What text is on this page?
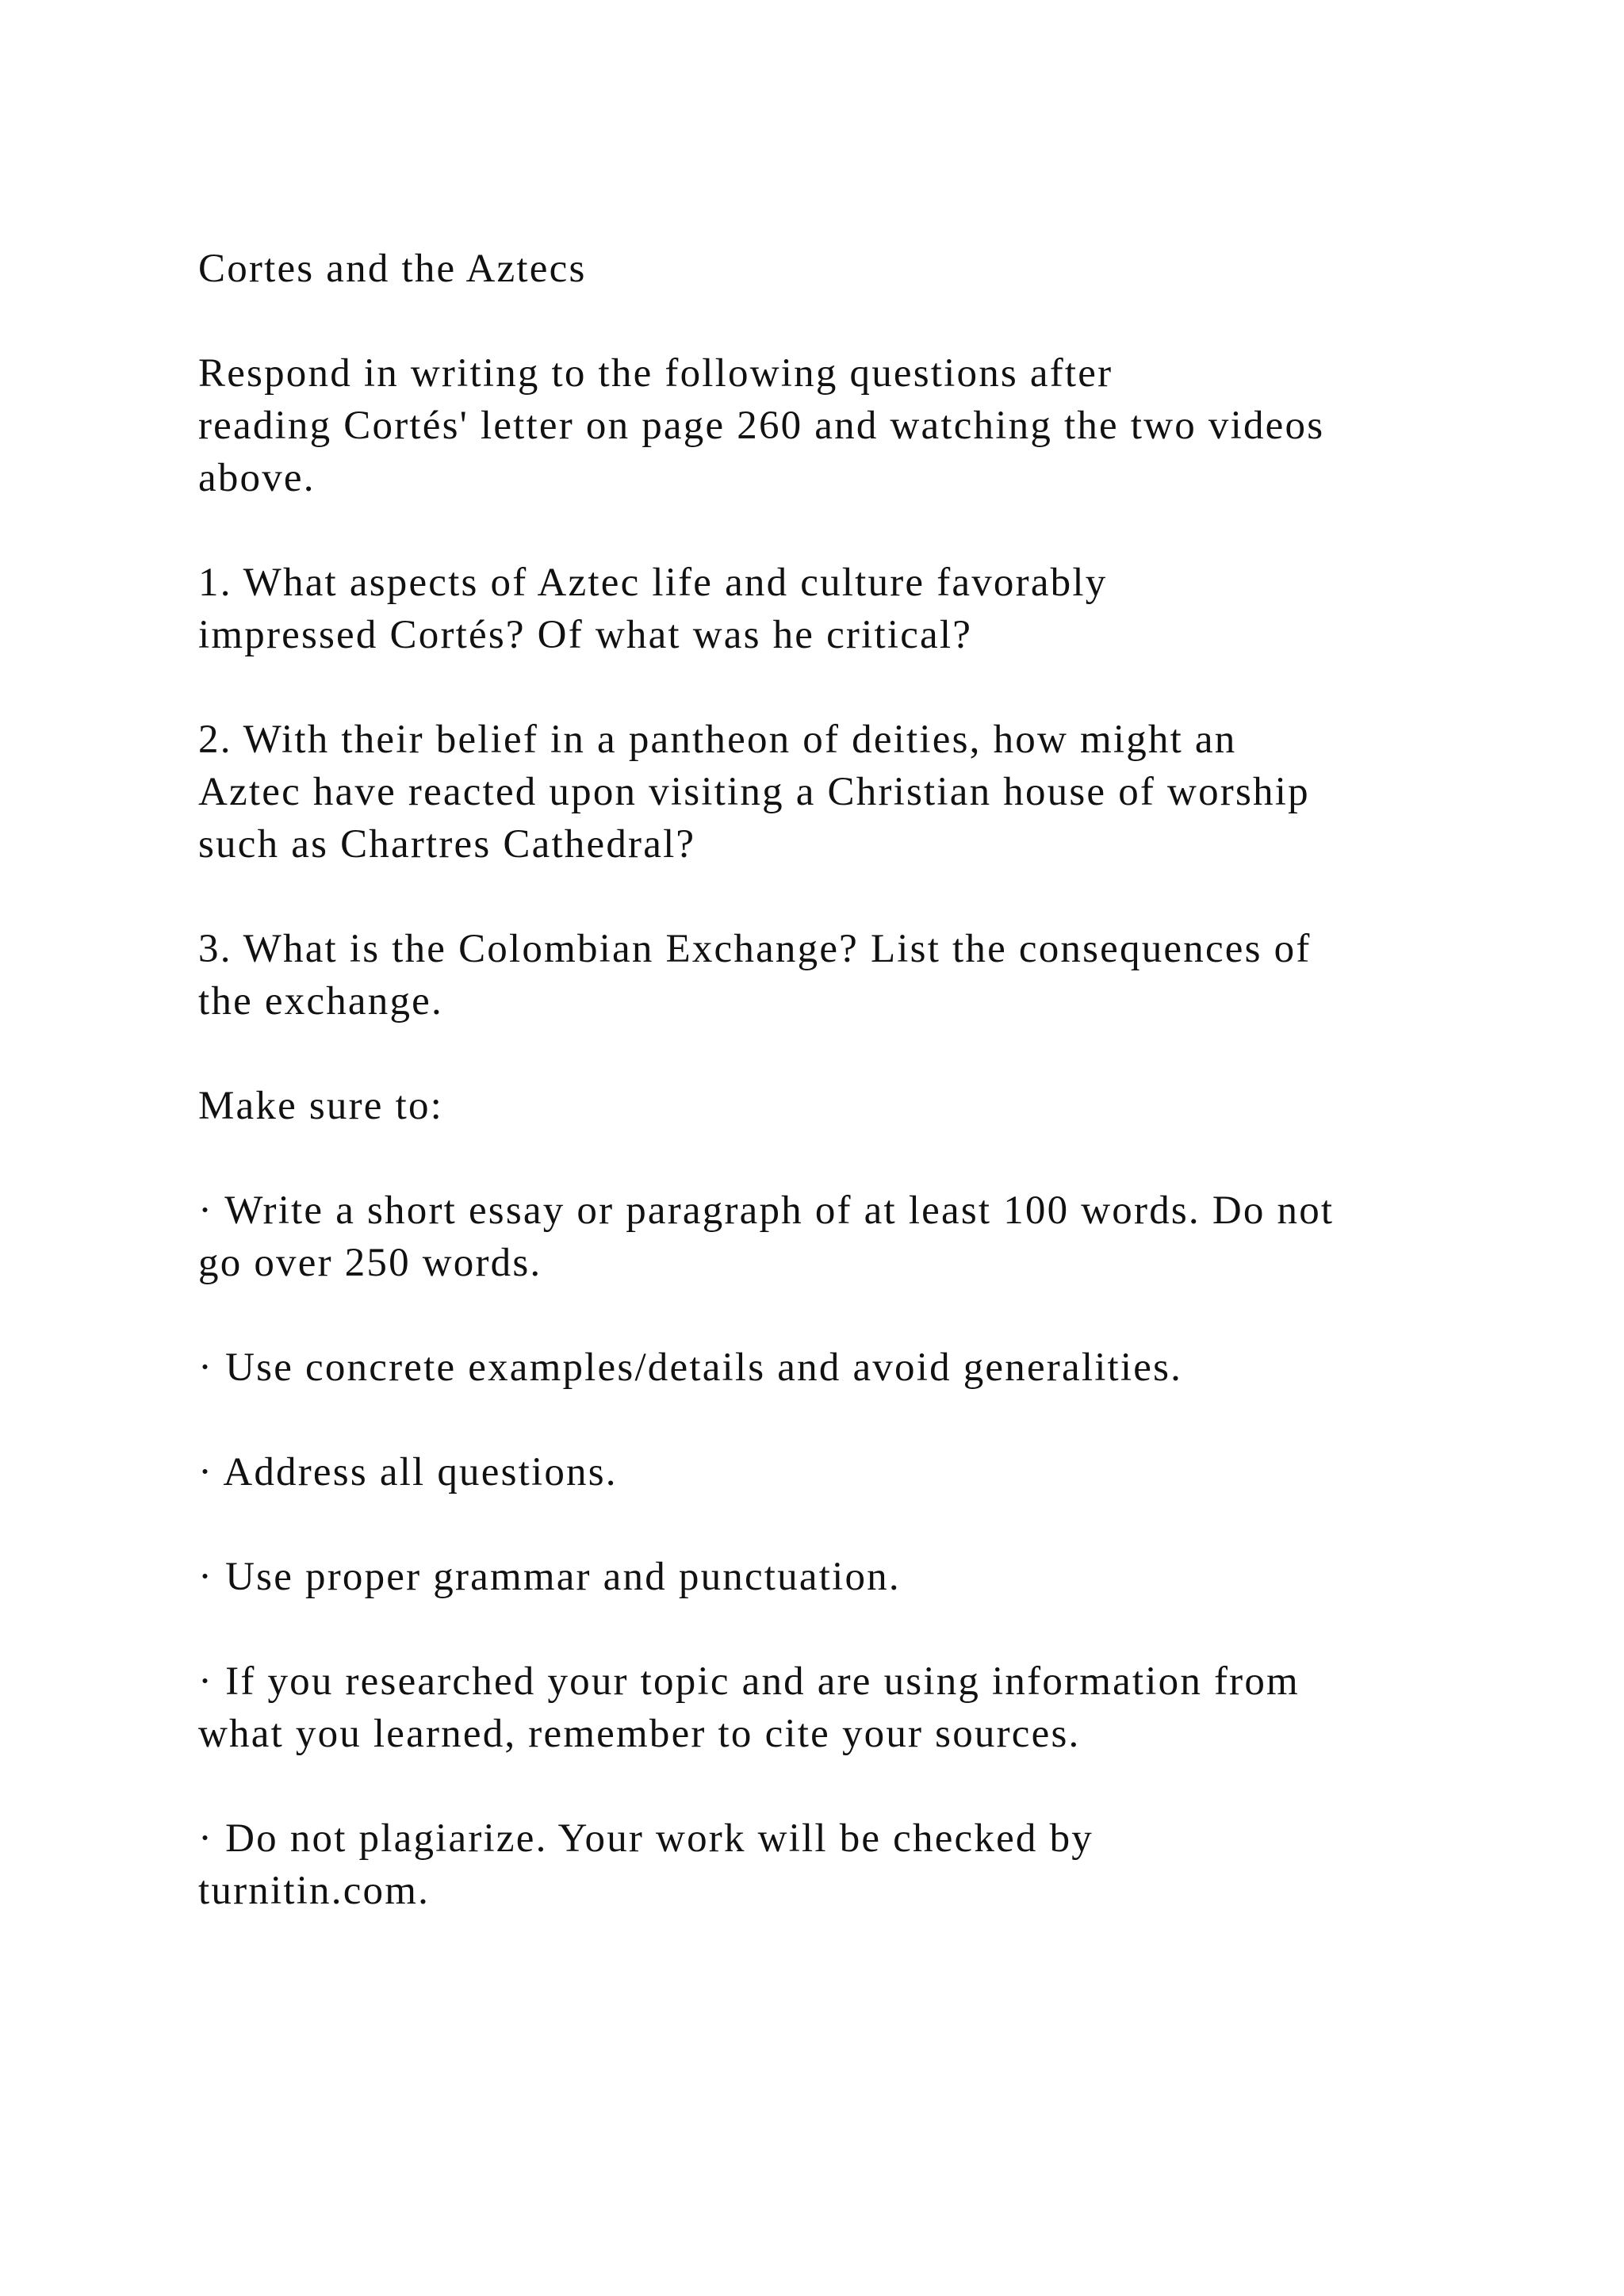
Cortes and the Aztecs
Respond in writing to the following questions after
reading Cortés' letter on page 260 and watching the two videos
above.
1. What aspects of Aztec life and culture favorably
impressed Cortés? Of what was he critical?
2. With their belief in a pantheon of deities, how might an
Aztec have reacted upon visiting a Christian house of worship
such as Chartres Cathedral?
3. What is the Colombian Exchange? List the consequences of
the exchange.
Make sure to:
· Write a short essay or paragraph of at least 100 words. Do not
go over 250 words.
· Use concrete examples/details and avoid generalities.
· Address all questions.
· Use proper grammar and punctuation.
· If you researched your topic and are using information from
what you learned, remember to cite your sources.
· Do not plagiarize. Your work will be checked by
turnitin.com.
